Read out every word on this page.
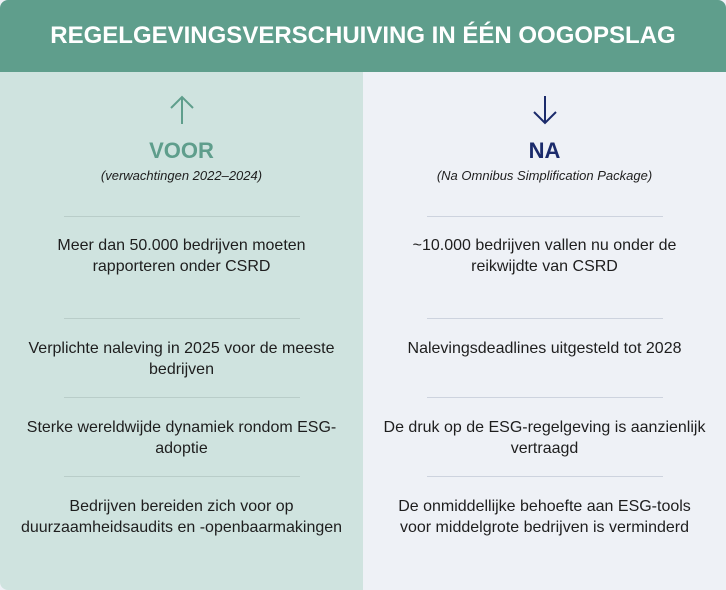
REGELGEVINGSVERSCHUIVING IN ÉÉN OOGOPSLAG
VOOR
(verwachtingen 2022–2024)
Meer dan 50.000 bedrijven moeten rapporteren onder CSRD
Verplichte naleving in 2025 voor de meeste bedrijven
Sterke wereldwijde dynamiek rondom ESG-adoptie
Bedrijven bereiden zich voor op duurzaamheidsaudits en -openbaarmakingen
NA
(Na Omnibus Simplification Package)
~10.000 bedrijven vallen nu onder de reikwijdte van CSRD
Nalevingsdeadlines uitgesteld tot 2028
De druk op de ESG-regelgeving is aanzienlijk vertraagd
De onmiddellijke behoefte aan ESG-tools voor middelgrote bedrijven is verminderd
